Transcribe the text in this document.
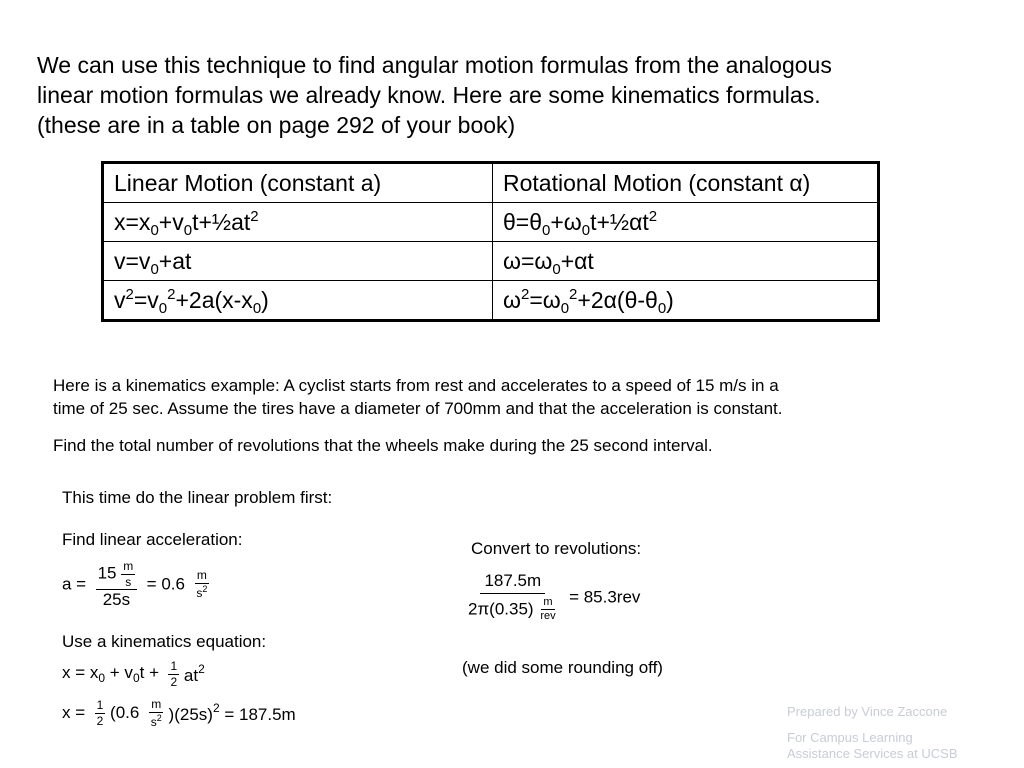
We can use this technique to find angular motion formulas from the analogous
linear motion formulas we already know. Here are some kinematics formulas.
(these are in a table on page 292 of your book)
Linear Motion (constant a)	Rotational Motion (constant α)
$x=x_0+v_0t+\frac{1}{2}at^2$	$\theta=\theta_0+\omega_0t+\frac{1}{2}\alpha t^2$
$v=v_0+at$	$\omega=\omega_0+\alpha t$
$v^2=v_0^2+2a(x-x_0)$	$\omega^2=\omega_0^2+2\alpha(\theta-\theta_0)$
Here is a kinematics example: A cyclist starts from rest and accelerates to a speed of 15 m/s in a
time of 25 sec. Assume the tires have a diameter of 700mm and that the acceleration is constant.
Find the total number of revolutions that the wheels make during the 25 second interval.
This time do the linear problem first:
Find linear acceleration:
$a = \frac{15 \frac{m}{s}}{25s} = 0.6 \frac{m}{s^2}$
Use a kinematics equation:
$x = x_0 + v_0t + \frac{1}{2} at^2$
$x = \frac{1}{2} (0.6 \frac{m}{s^2} )(25s)^2 = 187.5m$
Convert to revolutions:
$\frac{187.5m}{2\pi(0.35) \frac{m}{\text{rev}}} = 85.3rev$
(we did some rounding off)
Prepared by Vince Zaccone
For Campus Learning
Assistance Services at UCSB
